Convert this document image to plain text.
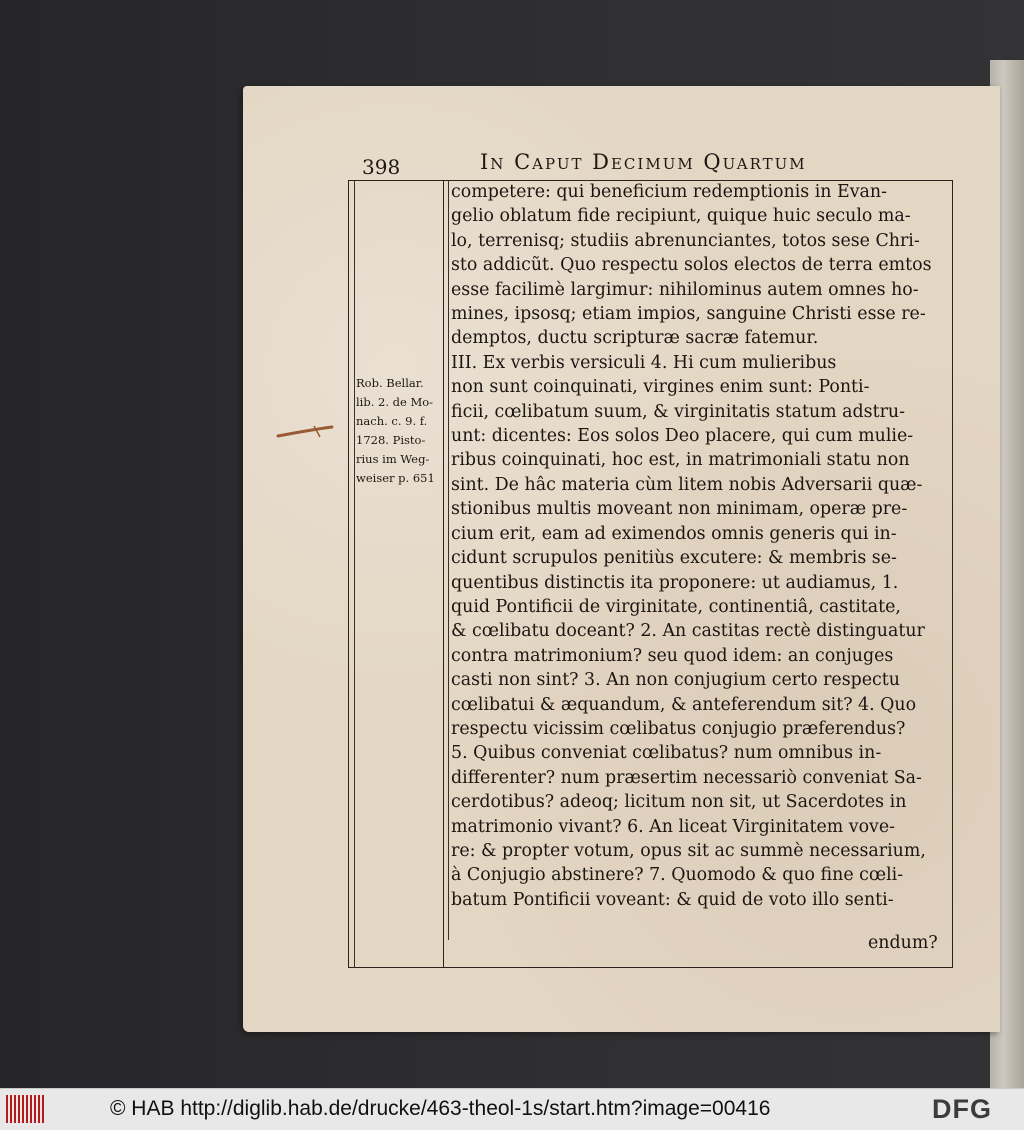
398	In Caput Decimum Quartum
Rob. Bellar.
lib. 2. de Mo-
nach. c. 9. f.
1728. Pisto-
rius im Weg-
weiser p. 651
competere: qui beneficium redemptionis in Evan-
gelio oblatum fide recipiunt, quique huic seculo ma-
lo, terrenisq; studiis abrenunciantes, totos sese Chri-
sto addicũt. Quo respectu solos electos de terra emtos
esse facilimè largimur: nihilominus autem omnes ho-
mines, ipsosq; etiam impios, sanguine Christi esse re-
demptos, ductu scripturæ sacræ fatemur.
III. Ex verbis versiculi 4. Hi cum mulieribus
non sunt coinquinati, virgines enim sunt: Ponti-
ficii, cœlibatum suum, & virginitatis statum adstru-
unt: dicentes: Eos solos Deo placere, qui cum mulie-
ribus coinquinati, hoc est, in matrimoniali statu non
sint. De hâc materia cùm litem nobis Adversarii quæ-
stionibus multis moveant non minimam, operæ pre-
cium erit, eam ad eximendos omnis generis qui in-
cidunt scrupulos penitiùs excutere: & membris se-
quentibus distinctis ita proponere: ut audiamus, 1.
quid Pontificii de virginitate, continentiâ, castitate,
& cœlibatu doceant? 2. An castitas rectè distinguatur
contra matrimonium? seu quod idem: an conjuges
casti non sint? 3. An non conjugium certo respectu
cœlibatui & æquandum, & anteferendum sit? 4. Quo
respectu vicissim cœlibatus conjugio præferendus?
5. Quibus conveniat cœlibatus? num omnibus in-
differenter? num præsertim necessariò conveniat Sa-
cerdotibus? adeoq; licitum non sit, ut Sacerdotes in
matrimonio vivant? 6. An liceat Virginitatem vove-
re: & propter votum, opus sit ac summè necessarium,
à Conjugio abstinere? 7. Quomodo & quo fine cœli-
batum Pontificii voveant: & quid de voto illo senti-
endum?
© HAB http://diglib.hab.de/drucke/463-theol-1s/start.htm?image=00416	DFG
